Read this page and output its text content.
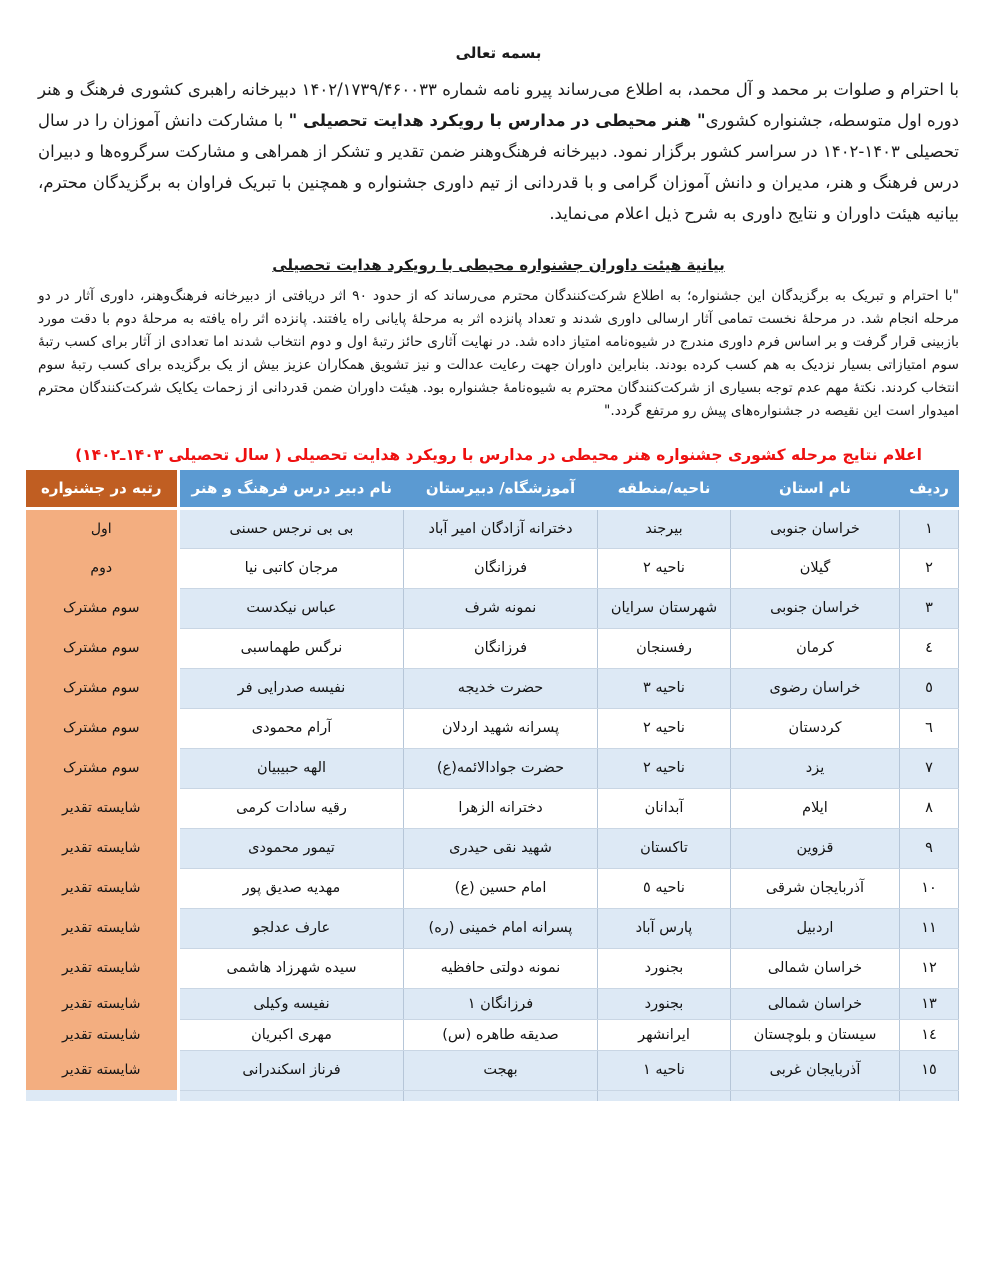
بسمه تعالی

با احترام و صلوات بر محمد و آل محمد، به اطلاع می‌رساند پیرو نامه شماره ۱۴۰۲/۱۷۳۹/۴۶۰۰۳۳ دبیرخانه راهبری کشوری فرهنگ و هنر دوره اول متوسطه، جشنواره کشوری" هنر محیطی در مدارس با رویکرد هدایت تحصیلی " با مشارکت دانش آموزان را در سال تحصیلی ۱۴۰۳-۱۴۰۲ در سراسر کشور برگزار نمود. دبیرخانه فرهنگ‌وهنر ضمن تقدیر و تشکر از همراهی و مشارکت سرگروه‌ها و دبیران درس فرهنگ و هنر، مدیران و دانش آموزان گرامی و با قدردانی از تیم داوری جشنواره و همچنین با تبریک فراوان به برگزیدگان محترم، بیانیه هیئت داوران و نتایج داوری به شرح ذیل اعلام می‌نماید.

بیانیة هیئت داوران جشنواره محیطی با رویکرد هدایت تحصیلی

"با احترام و تبریک به برگزیدگان این جشنواره؛ به اطلاع شرکت‌کنندگان محترم می‌رساند که از حدود ۹۰ اثر دریافتی از دبیرخانه فرهنگ‌وهنر، داوری آثار در دو مرحله انجام شد. در مرحلۀ نخست تمامی آثار ارسالی داوری شدند و تعداد پانزده اثر به مرحلۀ پایانی راه یافتند. پانزده اثر راه یافته به مرحلۀ دوم با دقت مورد بازبینی قرار گرفت و بر اساس فرم داوری مندرج در شیوه‌نامه امتیاز داده شد. در نهایت آثاری حائز رتبۀ اول و دوم انتخاب شدند اما تعدادی از آثار برای کسب رتبۀ سوم امتیازاتی بسیار نزدیک به هم کسب کرده بودند. بنابراین داوران جهت رعایت عدالت و نیز تشویق همکاران عزیز بیش از یک برگزیده برای کسب رتبۀ سوم انتخاب کردند. نکتۀ مهم عدم توجه بسیاری از شرکت‌کنندگان محترم به شیوه‌نامۀ جشنواره بود. هیئت داوران ضمن قدردانی از زحمات یکایک شرکت‌کنندگان محترم امیدوار است این نقیصه در جشنواره‌های پیش رو مرتفع گردد."

اعلام نتایج مرحله کشوری جشنواره هنر محیطی در مدارس با رویکرد هدایت تحصیلی ( سال تحصیلی ۱۴۰۳ـ۱۴۰۲)
ردیف	نام استان	ناحیه/منطقه	آموزشگاه/ دبیرستان	نام دبیر درس فرهنگ و هنر	رتبه در جشنواره
١	خراسان جنوبی	بیرجند	دخترانه آزادگان امیر آباد	بی بی نرجس حسنی	اول
٢	گیلان	ناحیه ٢	فرزانگان	مرجان کاتبی نیا	دوم
٣	خراسان جنوبی	شهرستان سرایان	نمونه شرف	عباس نیکدست	سوم مشترک
٤	کرمان	رفسنجان	فرزانگان	نرگس طهماسبی	سوم مشترک
٥	خراسان رضوی	ناحیه ٣	حضرت خدیجه	نفیسه صدرایی فر	سوم مشترک
٦	کردستان	ناحیه ٢	پسرانه شهید اردلان	آرام محمودی	سوم مشترک
٧	یزد	ناحیه ٢	حضرت جوادالائمه(ع)	الهه حبیبیان	سوم مشترک
٨	ایلام	آبدانان	دخترانه الزهرا	رقیه سادات کرمی	شایسته تقدیر
٩	قزوین	تاکستان	شهید نقی حیدری	تیمور محمودی	شایسته تقدیر
١٠	آذربایجان شرقی	ناحیه ٥	امام حسین (ع)	مهدیه صدیق پور	شایسته تقدیر
١١	اردبیل	پارس آباد	پسرانه امام خمینی (ره)	عارف عدلجو	شایسته تقدیر
١٢	خراسان شمالی	بجنورد	نمونه دولتی حافظیه	سیده شهرزاد هاشمی	شایسته تقدیر
١٣	خراسان شمالی	بجنورد	فرزانگان ١	نفیسه وکیلی	شایسته تقدیر
١٤	سیستان و بلوچستان	ایرانشهر	صدیقه طاهره (س)	مهری اکبریان	شایسته تقدیر
١٥	آذربایجان غربی	ناحیه ١	بهجت	فرناز اسکندرانی	شایسته تقدیر
